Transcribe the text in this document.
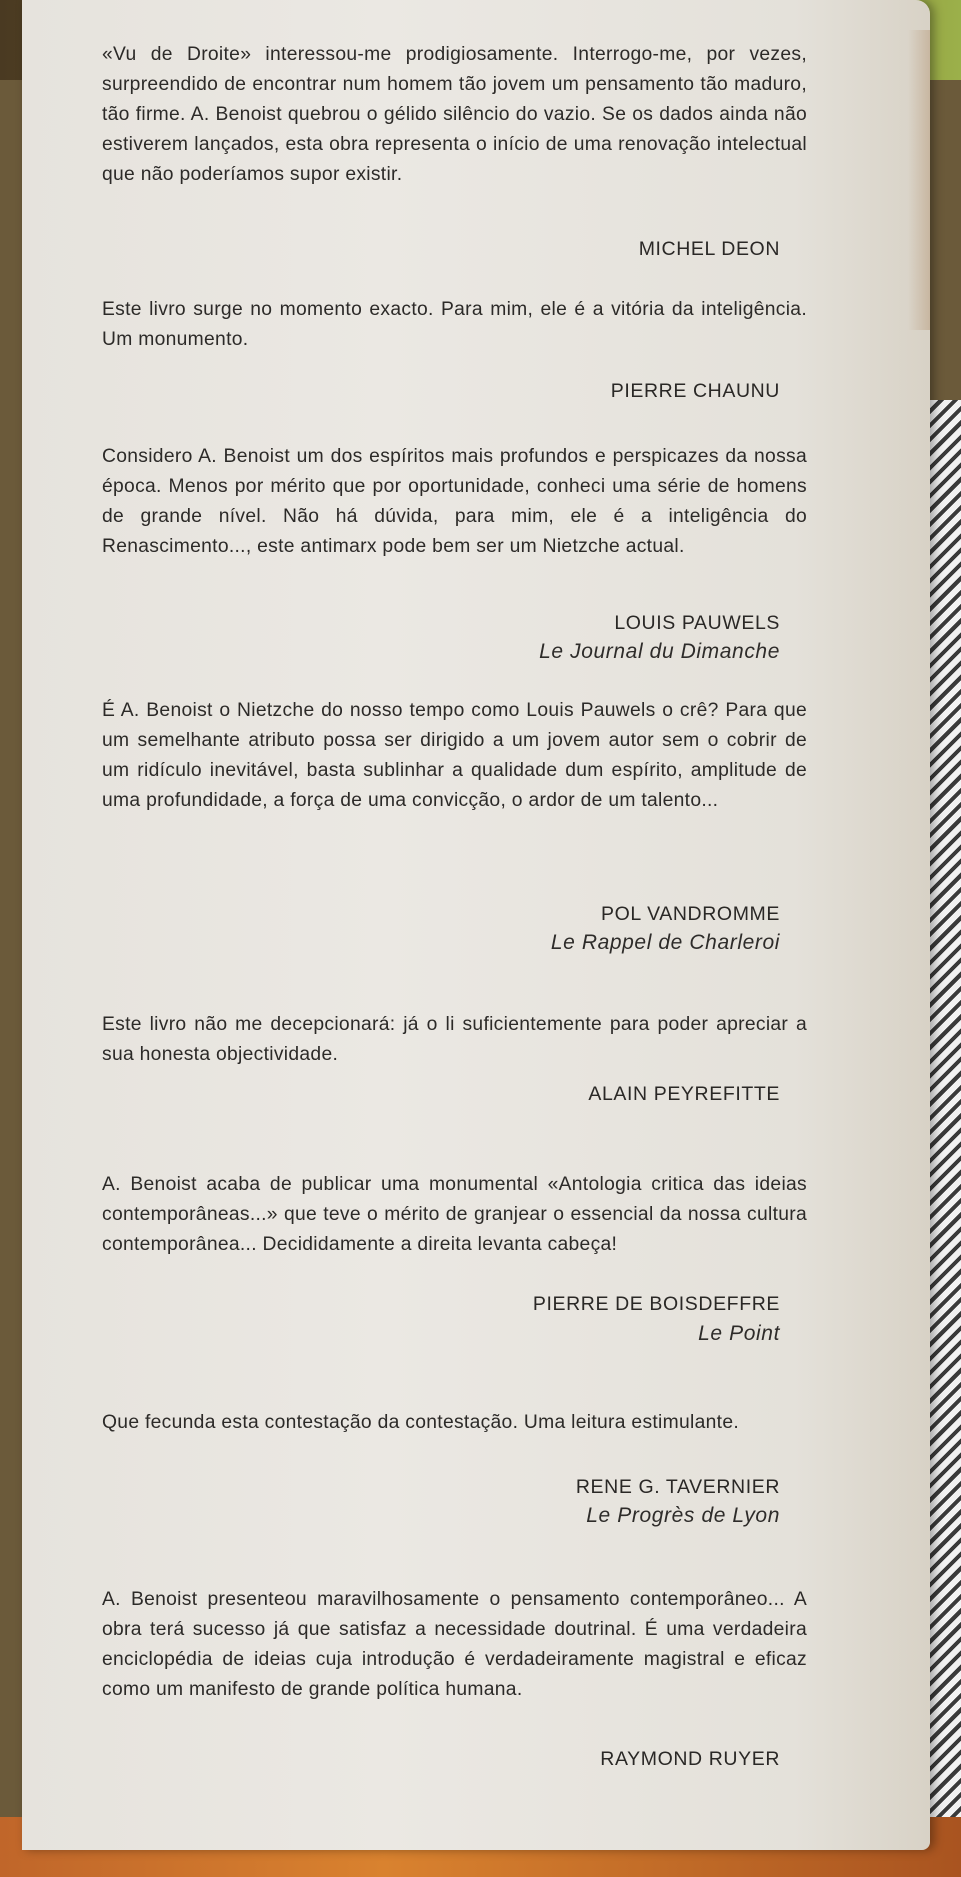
«Vu de Droite» interessou-me prodigiosamente. Interrogo-me, por vezes, surpreendido de encontrar num homem tão jovem um pensamento tão maduro, tão firme. A. Benoist quebrou o gélido silêncio do vazio. Se os dados ainda não estiverem lançados, esta obra representa o início de uma renovação intelectual que não poderíamos supor existir.
MICHEL DEON
Este livro surge no momento exacto. Para mim, ele é a vitória da inteligência. Um monumento.
PIERRE CHAUNU
Considero A. Benoist um dos espíritos mais profundos e perspicazes da nossa época. Menos por mérito que por oportunidade, conheci uma série de homens de grande nível. Não há dúvida, para mim, ele é a inteligência do Renascimento..., este antimarx pode bem ser um Nietzche actual.
LOUIS PAUWELS
Le Journal du Dimanche
É A. Benoist o Nietzche do nosso tempo como Louis Pauwels o crê? Para que um semelhante atributo possa ser dirigido a um jovem autor sem o cobrir de um ridículo inevitável, basta sublinhar a qualidade dum espírito, amplitude de uma profundidade, a força de uma convicção, o ardor de um talento...
POL VANDROMME
Le Rappel de Charleroi
Este livro não me decepcionará: já o li suficientemente para poder apreciar a sua honesta objectividade.
ALAIN PEYREFITTE
A. Benoist acaba de publicar uma monumental «Antologia critica das ideias contemporâneas...» que teve o mérito de granjear o essencial da nossa cultura contemporânea... Decididamente a direita levanta cabeça!
PIERRE DE BOISDEFFRE
Le Point
Que fecunda esta contestação da contestação. Uma leitura estimulante.
RENE G. TAVERNIER
Le Progrès de Lyon
A. Benoist presenteou maravilhosamente o pensamento contemporâneo... A obra terá sucesso já que satisfaz a necessidade doutrinal. É uma verdadeira enciclopédia de ideias cuja introdução é verdadeiramente magistral e eficaz como um manifesto de grande política humana.
RAYMOND RUYER
